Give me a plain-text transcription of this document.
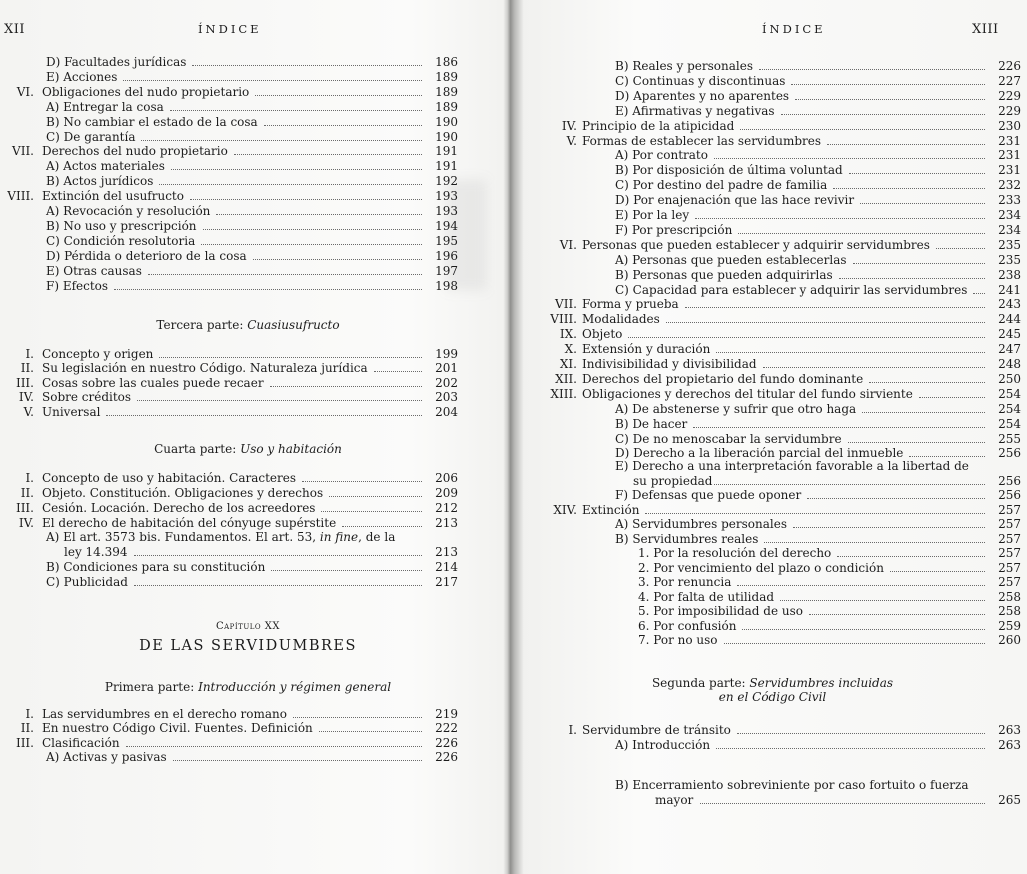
XII	ÍNDICE
Tercera parte: Cuasiusufructo
Cuarta parte: Uso y habitación
A) El art. 3573 bis. Fundamentos. El art. 53, in fine, de la
ley 14.394	213
Capítulo XX
DE LAS SERVIDUMBRES
Primera parte: Introducción y régimen general
D) Facultades jurídicas	186
E) Acciones	189
VI. Obligaciones del nudo propietario	189
A) Entregar la cosa	189
B) No cambiar el estado de la cosa	190
C) De garantía	190
VII. Derechos del nudo propietario	191
A) Actos materiales	191
B) Actos jurídicos	192
VIII. Extinción del usufructo	193
A) Revocación y resolución	193
B) No uso y prescripción	194
C) Condición resolutoria	195
D) Pérdida o deterioro de la cosa	196
E) Otras causas	197
F) Efectos	198
I. Concepto y origen	199
II. Su legislación en nuestro Código. Naturaleza jurídica	201
III. Cosas sobre las cuales puede recaer	202
IV. Sobre créditos	203
V. Universal	204
I. Concepto de uso y habitación. Caracteres	206
II. Objeto. Constitución. Obligaciones y derechos	209
III. Cesión. Locación. Derecho de los acreedores	212
IV. El derecho de habitación del cónyuge supérstite	213
B) Condiciones para su constitución	214
C) Publicidad	217
I. Las servidumbres en el derecho romano	219
II. En nuestro Código Civil. Fuentes. Definición	222
III. Clasificación	226
A) Activas y pasivas	226
ÍNDICE	XIII
E) Derecho a una interpretación favorable a la libertad de
su propiedad	256
Segunda parte: Servidumbres incluidas
en el Código Civil
B) Encerramiento sobreviniente por caso fortuito o fuerza
mayor	265
B) Reales y personales	226
C) Continuas y discontinuas	227
D) Aparentes y no aparentes	229
E) Afirmativas y negativas	229
IV. Principio de la atipicidad	230
V. Formas de establecer las servidumbres	231
A) Por contrato	231
B) Por disposición de última voluntad	231
C) Por destino del padre de familia	232
D) Por enajenación que las hace revivir	233
E) Por la ley	234
F) Por prescripción	234
VI. Personas que pueden establecer y adquirir servidumbres	235
A) Personas que pueden establecerlas	235
B) Personas que pueden adquirirlas	238
C) Capacidad para establecer y adquirir las servidumbres	241
VII. Forma y prueba	243
VIII. Modalidades	244
IX. Objeto	245
X. Extensión y duración	247
XI. Indivisibilidad y divisibilidad	248
XII. Derechos del propietario del fundo dominante	250
XIII. Obligaciones y derechos del titular del fundo sirviente	254
A) De abstenerse y sufrir que otro haga	254
B) De hacer	254
C) De no menoscabar la servidumbre	255
D) Derecho a la liberación parcial del inmueble	256
F) Defensas que puede oponer	256
XIV. Extinción	257
A) Servidumbres personales	257
B) Servidumbres reales	257
1. Por la resolución del derecho	257
2. Por vencimiento del plazo o condición	257
3. Por renuncia	257
4. Por falta de utilidad	258
5. Por imposibilidad de uso	258
6. Por confusión	259
7. Por no uso	260
I. Servidumbre de tránsito	263
A) Introducción	263
